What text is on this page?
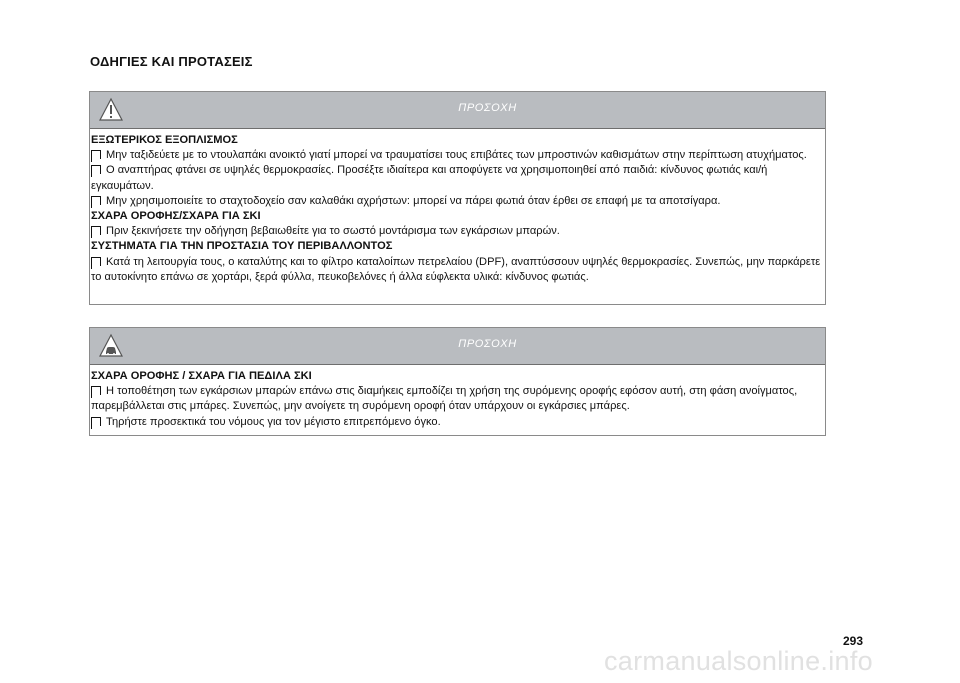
ΟΔΗΓΙΕΣ ΚΑΙ ΠΡΟΤΑΣΕΙΣ
ΠΡΟΣΟΧΗ
ΕΞΩΤΕΡΙΚΟΣ ΕΞΟΠΛΙΣΜΟΣ
Μην ταξιδεύετε με το ντουλαπάκι ανοικτό γιατί μπορεί να τραυματίσει τους επιβάτες των μπροστινών καθισμάτων στην περίπτωση ατυχήματος.
Ο αναπτήρας φτάνει σε υψηλές θερμοκρασίες. Προσέξτε ιδιαίτερα και αποφύγετε να χρησιμοποιηθεί από παιδιά: κίνδυνος φωτιάς και/ή εγκαυμάτων.
Μην χρησιμοποιείτε το σταχτοδοχείο σαν καλαθάκι αχρήστων: μπορεί να πάρει φωτιά όταν έρθει σε επαφή με τα αποτσίγαρα.
ΣΧΑΡΑ ΟΡΟΦΗΣ/ΣΧΑΡΑ ΓΙΑ ΣΚΙ
Πριν ξεκινήσετε την οδήγηση βεβαιωθείτε για το σωστό μοντάρισμα των εγκάρσιων μπαρών.
ΣΥΣΤΗΜΑΤΑ ΓΙΑ ΤΗΝ ΠΡΟΣΤΑΣΙΑ ΤΟΥ ΠΕΡΙΒΑΛΛΟΝΤΟΣ
Κατά τη λειτουργία τους, ο καταλύτης και το φίλτρο καταλοίπων πετρελαίου (DPF), αναπτύσσουν υψηλές θερμοκρασίες. Συνεπώς, μην παρκάρετε το αυτοκίνητο επάνω σε χορτάρι, ξερά φύλλα, πευκοβελόνες ή άλλα εύφλεκτα υλικά: κίνδυνος φωτιάς.
ΠΡΟΣΟΧΗ
ΣΧΑΡΑ ΟΡΟΦΗΣ / ΣΧΑΡΑ ΓΙΑ ΠΕΔΙΛΑ ΣΚΙ
Η τοποθέτηση των εγκάρσιων μπαρών επάνω στις διαμήκεις εμποδίζει τη χρήση της συρόμενης οροφής εφόσον αυτή, στη φάση ανοίγματος, παρεμβάλλεται στις μπάρες. Συνεπώς, μην ανοίγετε τη συρόμενη οροφή όταν υπάρχουν οι εγκάρσιες μπάρες.
Τηρήστε προσεκτικά του νόμους για τον μέγιστο επιτρεπόμενο όγκο.
293
carmanualsonline.info
